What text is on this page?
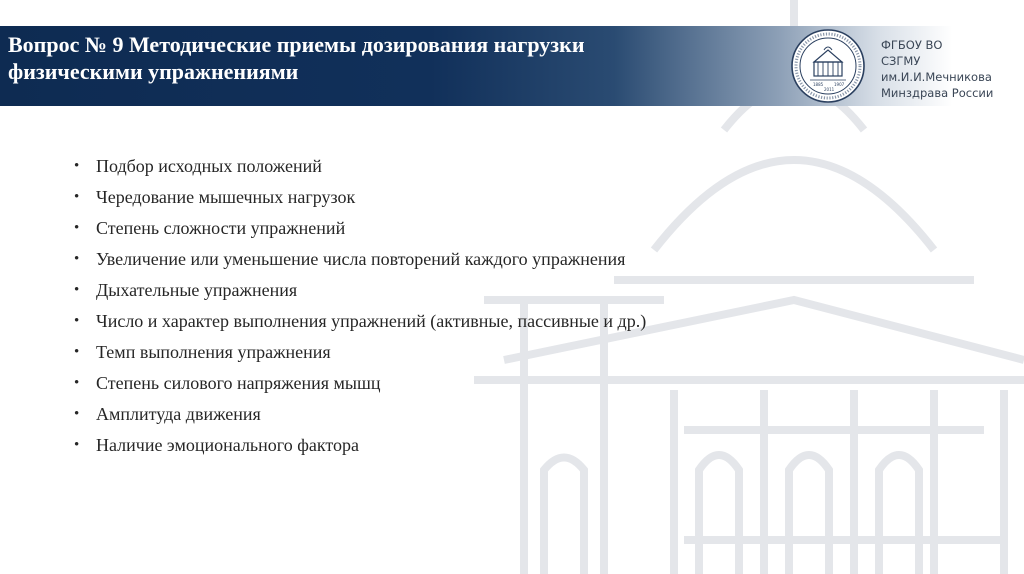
Вопрос № 9 Методические приемы дозирования нагрузки
физическими упражнениями
1885	1907
2011
ФГБОУ ВО
СЗГМУ
им.И.И.Мечникова
Минздрава России
• Подбор исходных положений
• Чередование мышечных нагрузок
• Степень сложности упражнений
• Увеличение или уменьшение числа повторений каждого упражнения
• Дыхательные упражнения
• Число и характер выполнения упражнений (активные, пассивные и др.)
• Темп выполнения упражнения
• Степень силового напряжения мышц
• Амплитуда движения
• Наличие эмоционального фактора
